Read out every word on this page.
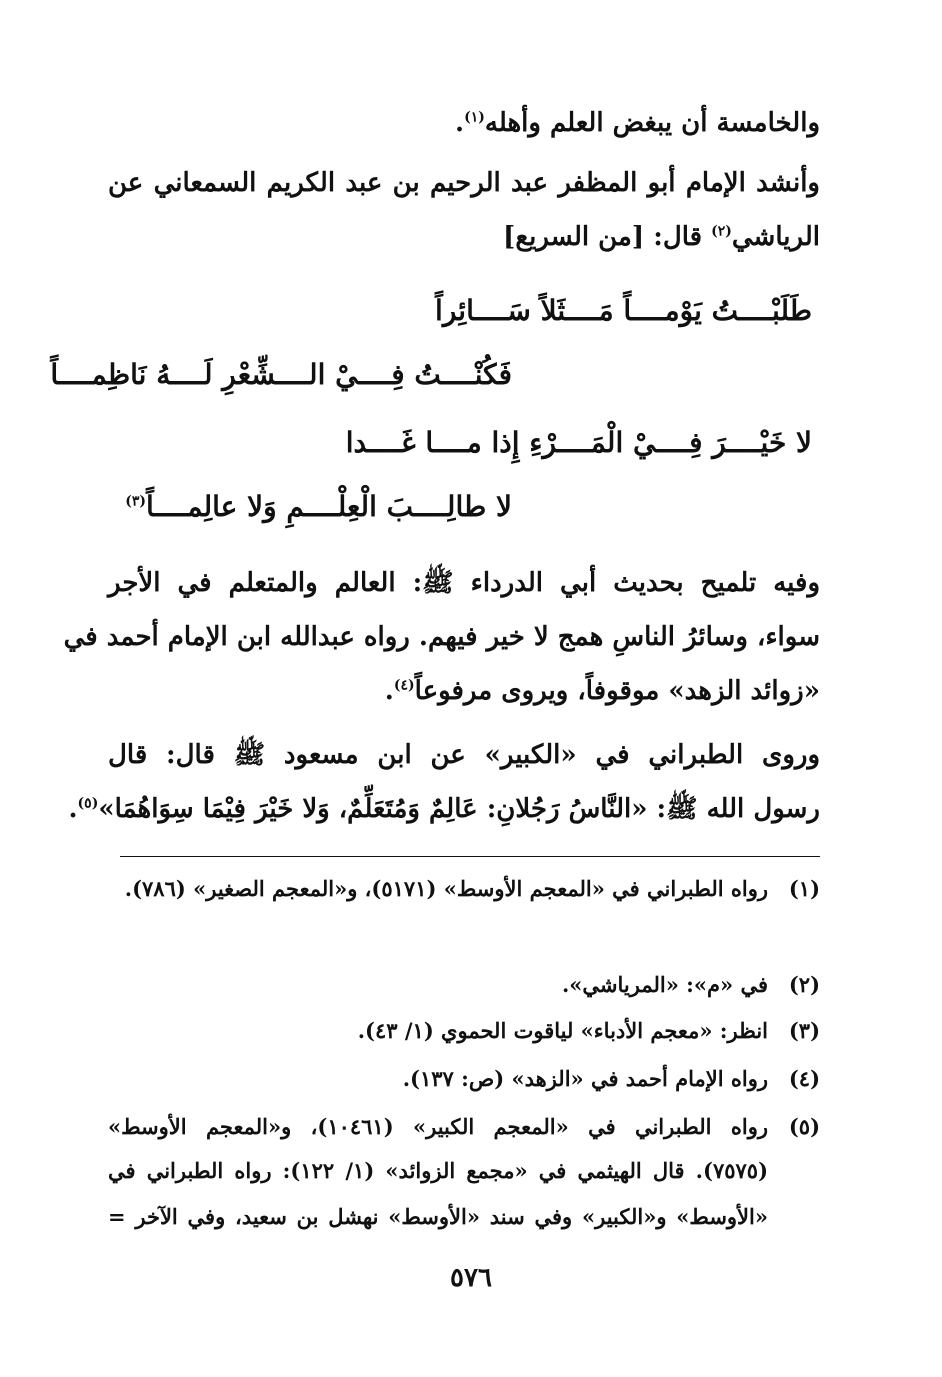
والخامسة أن يبغض العلم وأهله$^{(١)}$.
وأنشد الإمام أبو المظفر عبد الرحيم بن عبد الكريم السمعاني عن
الرياشي$^{(٢)}$ قال: [من السريع]
طَلَبْــــتُ يَوْمــــاً مَــــثَلاً سَــــائِراً
فَكُنْــــتُ فِــــيْ الــــشِّعْرِ لَــــهُ نَاظِمــــاً
لا خَيْــــرَ فِــــيْ الْمَــــرْءِ إِذا مــــا غَــــدا
لا طالِــــبَ الْعِلْــــمِ وَلا عالِمــــاً$^{(٣)}$
وفيه تلميح بحديث أبي الدرداء ﷺ: العالم والمتعلم في الأجر
سواء، وسائرُ الناسِ همج لا خير فيهم. رواه عبدالله ابن الإمام أحمد في
«زوائد الزهد» موقوفاً، ويروى مرفوعاً$^{(٤)}$.
وروى الطبراني في «الكبير» عن ابن مسعود ﷺ قال: قال
رسول الله ﷺ: «النَّاسُ رَجُلانِ: عَالِمٌ وَمُتَعَلِّمٌ، وَلا خَيْرَ فِيْمَا سِوَاهُمَا»$^{(٥)}$.
(١)
رواه الطبراني في «المعجم الأوسط» (٥١٧١)، و«المعجم الصغير» (٧٨٦).
(٢)
في «م»: «المرياشي».
(٣)
انظر: «معجم الأدباء» لياقوت الحموي (١/ ٤٣).
(٤)
رواه الإمام أحمد في «الزهد» (ص: ١٣٧).
(٥)
رواه الطبراني في «المعجم الكبير» (١٠٤٦١)، و«المعجم الأوسط»
(٧٥٧٥). قال الهيثمي في «مجمع الزوائد» (١/ ١٢٢): رواه الطبراني في
«الأوسط» و«الكبير» وفي سند «الأوسط» نهشل بن سعيد، وفي الآخر =
٥٧٦
